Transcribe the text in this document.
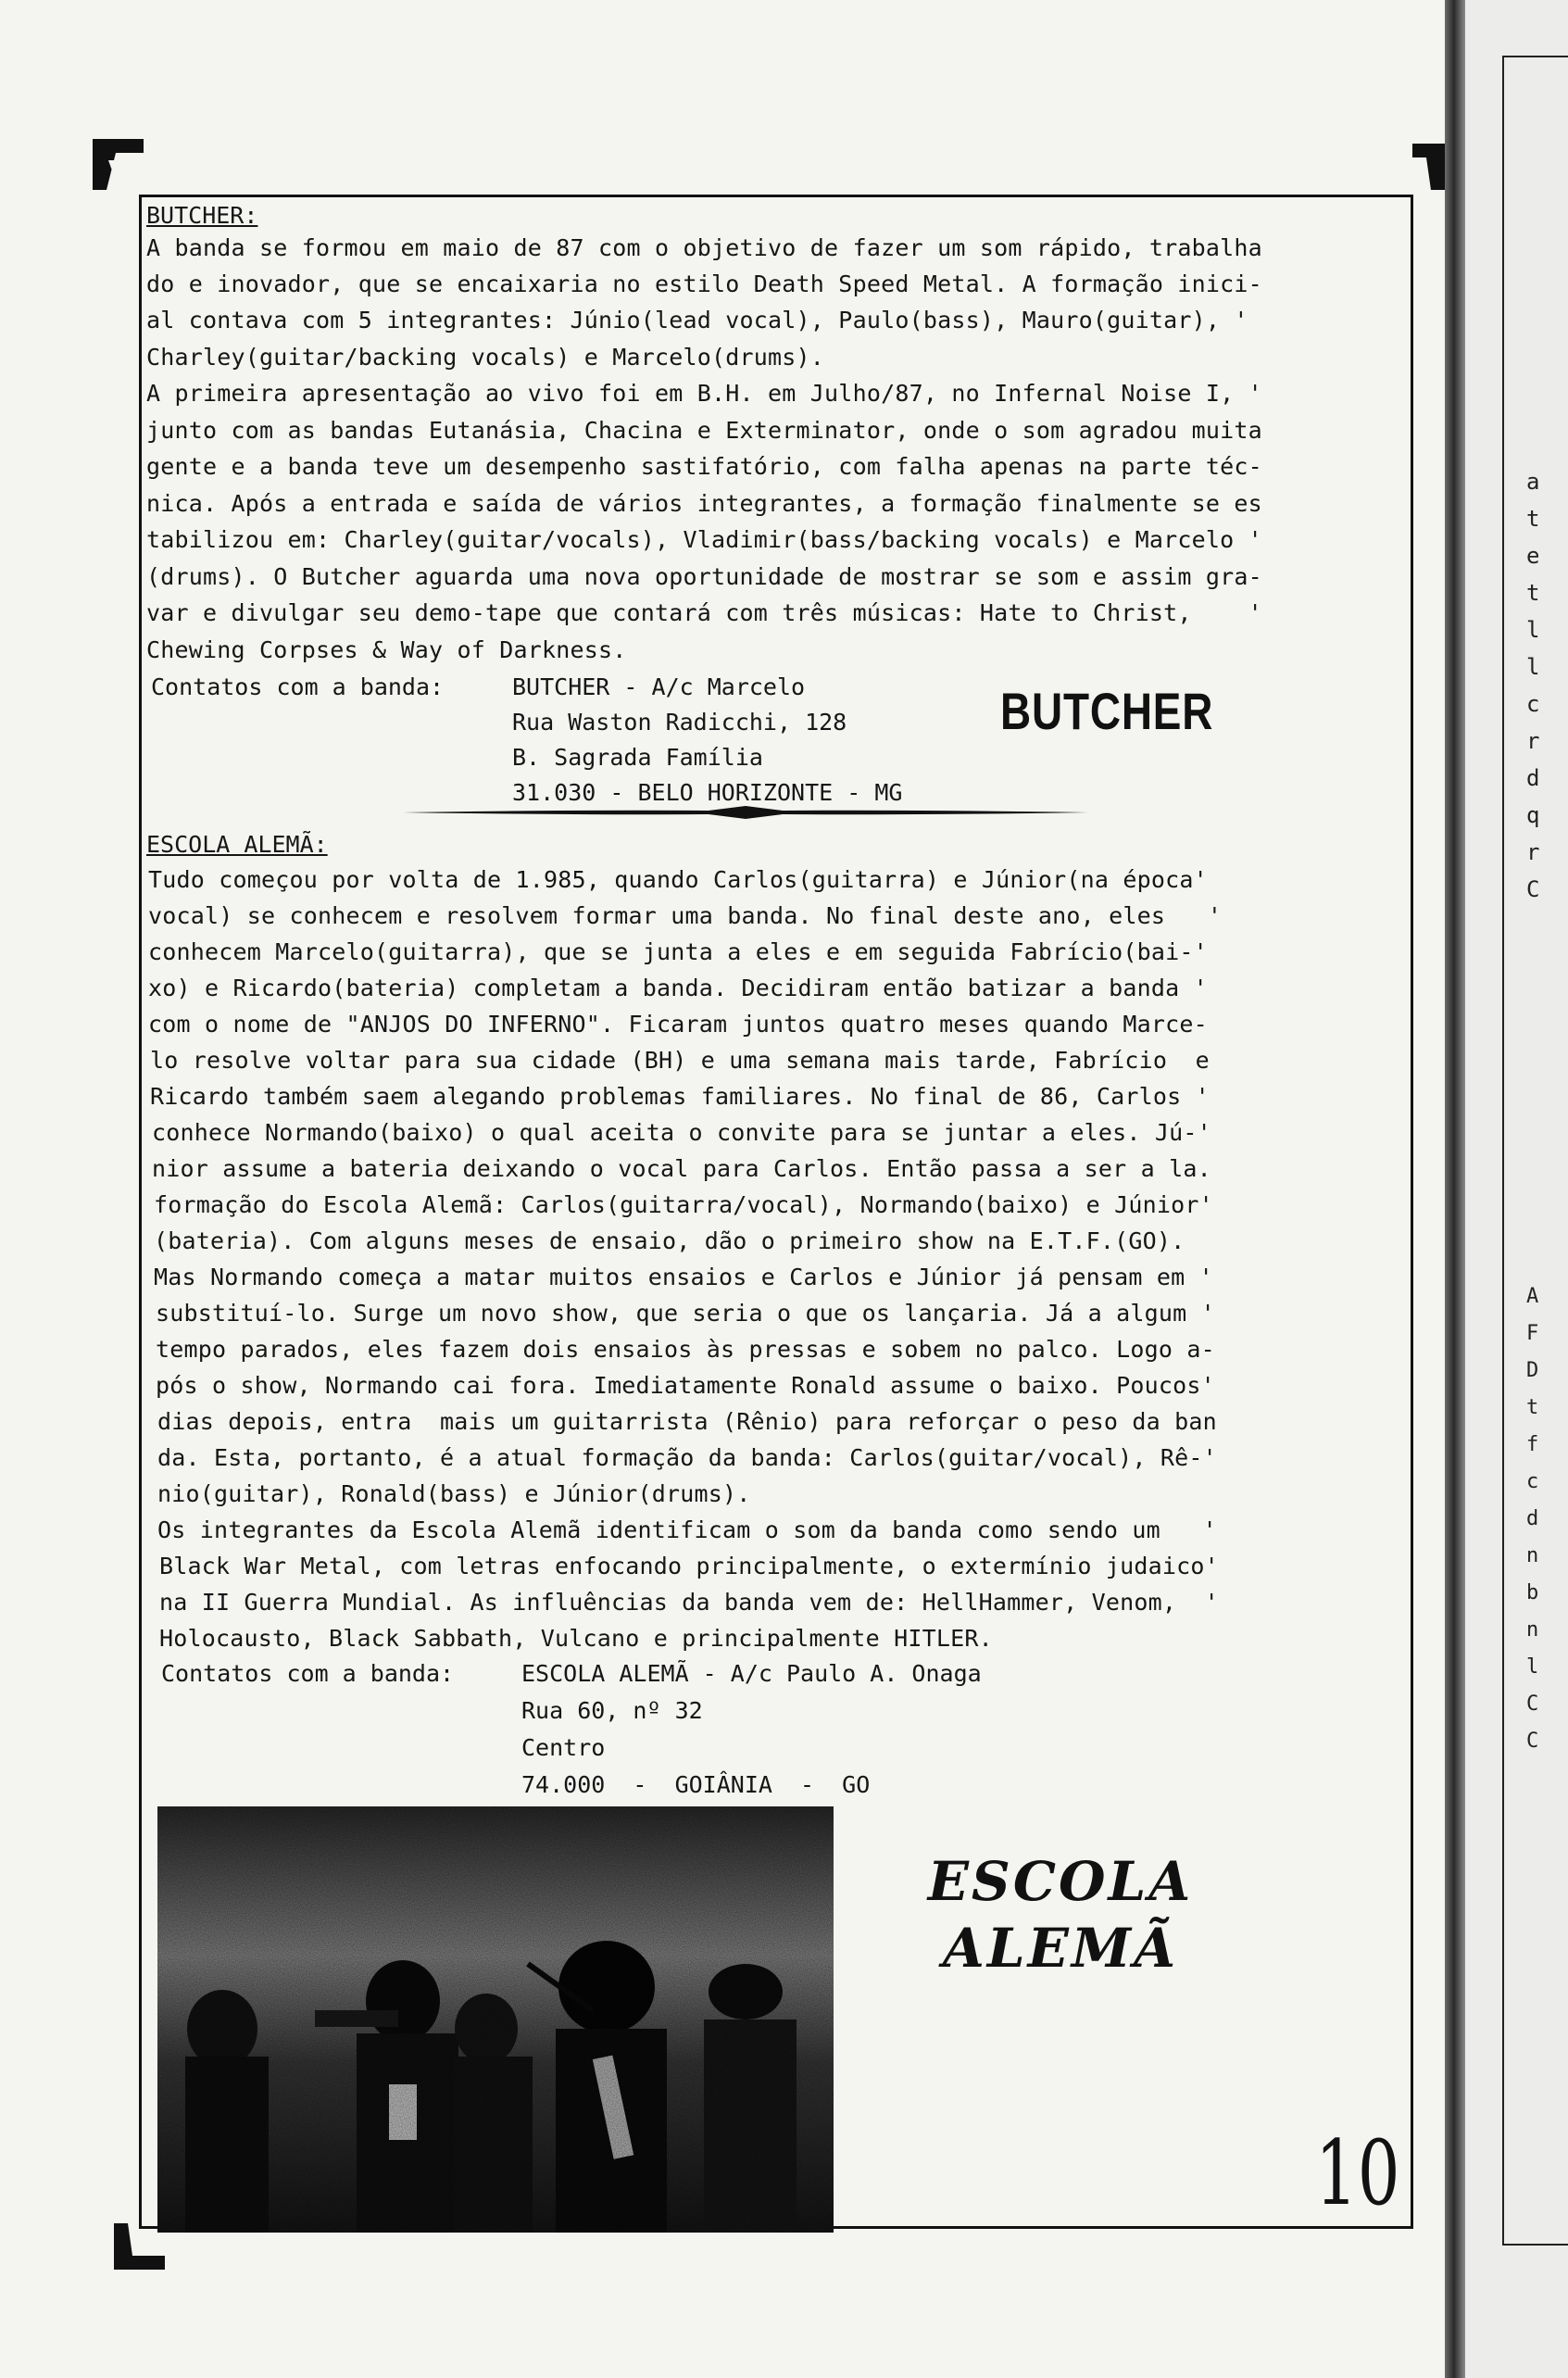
BUTCHER:
A banda se formou em maio de 87 com o objetivo de fazer um som rápido, trabalha
do e inovador, que se encaixaria no estilo Death Speed Metal. A formação inici-
al contava com 5 integrantes: Júnio(lead vocal), Paulo(bass), Mauro(guitar), '
Charley(guitar/backing vocals) e Marcelo(drums).
A primeira apresentação ao vivo foi em B.H. em Julho/87, no Infernal Noise I, '
junto com as bandas Eutanásia, Chacina e Exterminator, onde o som agradou muita
gente e a banda teve um desempenho sastifatório, com falha apenas na parte téc-
nica. Após a entrada e saída de vários integrantes, a formação finalmente se es
tabilizou em: Charley(guitar/vocals), Vladimir(bass/backing vocals) e Marcelo '
(drums). O Butcher aguarda uma nova oportunidade de mostrar se som e assim gra-
var e divulgar seu demo-tape que contará com três músicas: Hate to Christ,    '
Chewing Corpses & Way of Darkness.
Contatos com a banda:	BUTCHER - A/c Marcelo
Rua Waston Radicchi, 128
B. Sagrada Família
31.030 - BELO HORIZONTE - MG
BUTCHER
ESCOLA ALEMÃ:
Tudo começou por volta de 1.985, quando Carlos(guitarra) e Júnior(na época'
vocal) se conhecem e resolvem formar uma banda. No final deste ano, eles   '
conhecem Marcelo(guitarra), que se junta a eles e em seguida Fabrício(bai-'
xo) e Ricardo(bateria) completam a banda. Decidiram então batizar a banda '
com o nome de "ANJOS DO INFERNO". Ficaram juntos quatro meses quando Marce-
lo resolve voltar para sua cidade (BH) e uma semana mais tarde, Fabrício  e
Ricardo também saem alegando problemas familiares. No final de 86, Carlos '
conhece Normando(baixo) o qual aceita o convite para se juntar a eles. Jú-'
nior assume a bateria deixando o vocal para Carlos. Então passa a ser a la.
formação do Escola Alemã: Carlos(guitarra/vocal), Normando(baixo) e Júnior'
(bateria). Com alguns meses de ensaio, dão o primeiro show na E.T.F.(GO).
Mas Normando começa a matar muitos ensaios e Carlos e Júnior já pensam em '
substituí-lo. Surge um novo show, que seria o que os lançaria. Já a algum '
tempo parados, eles fazem dois ensaios às pressas e sobem no palco. Logo a-
pós o show, Normando cai fora. Imediatamente Ronald assume o baixo. Poucos'
dias depois, entra  mais um guitarrista (Rênio) para reforçar o peso da ban
da. Esta, portanto, é a atual formação da banda: Carlos(guitar/vocal), Rê-'
nio(guitar), Ronald(bass) e Júnior(drums).
Os integrantes da Escola Alemã identificam o som da banda como sendo um   '
Black War Metal, com letras enfocando principalmente, o extermínio judaico'
na II Guerra Mundial. As influências da banda vem de: HellHammer, Venom,  '
Holocausto, Black Sabbath, Vulcano e principalmente HITLER.
Contatos com a banda:	ESCOLA ALEMÃ - A/c Paulo A. Onaga
Rua 60, nº 32
Centro
74.000  -  GOIÂNIA  -  GO
ESCOLA
ALEMÃ
10
a
t
e
t
l
l
c
r
d
q
r
C
A
F
D
t
f
c
d
n
b
n
l
C
C
